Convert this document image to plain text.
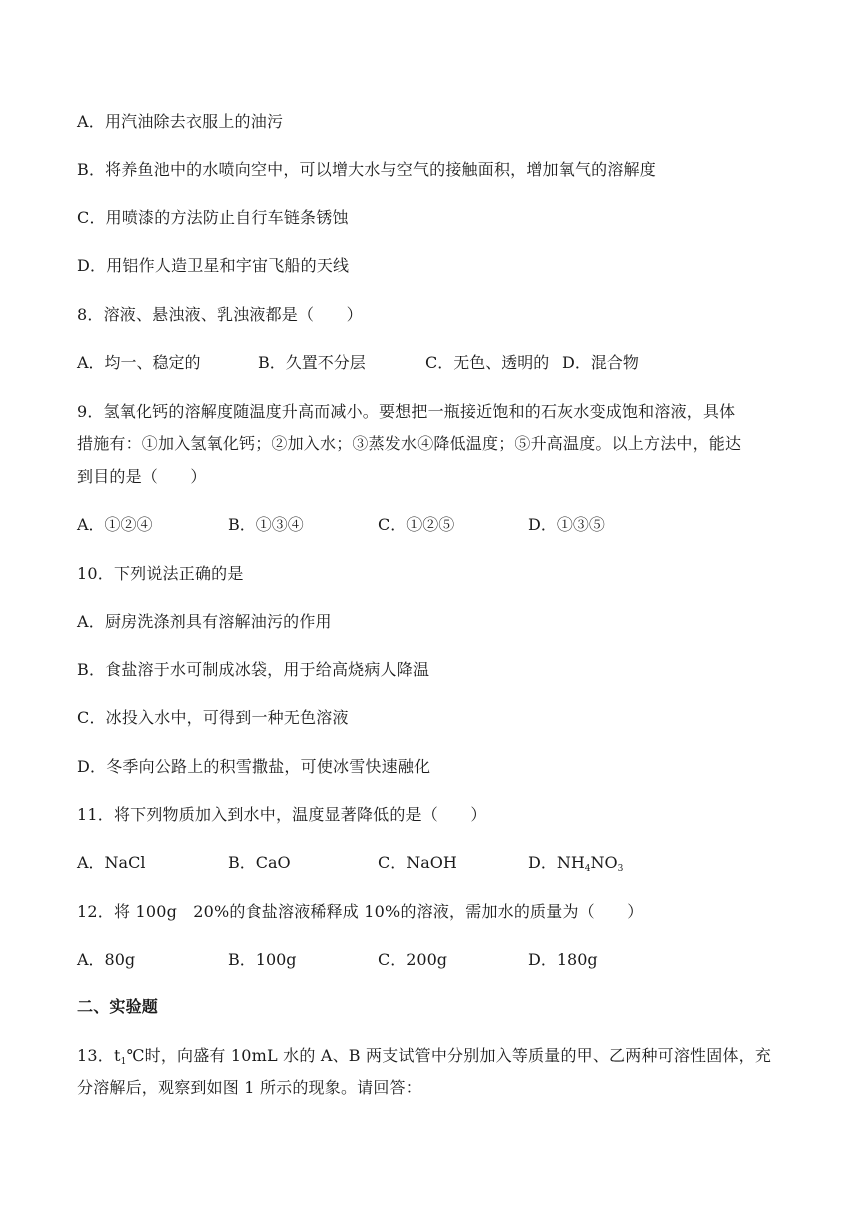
A．用汽油除去衣服上的油污
B．将养鱼池中的水喷向空中，可以增大水与空气的接触面积，增加氧气的溶解度
C．用喷漆的方法防止自行车链条锈蚀
D．用铝作人造卫星和宇宙飞船的天线
8．溶液、悬浊液、乳浊液都是（　　）
A．均一、稳定的	B．久置不分层	C．无色、透明的 D．混合物
9．氢氧化钙的溶解度随温度升高而减小。要想把一瓶接近饱和的石灰水变成饱和溶液，具体
措施有：①加入氢氧化钙；②加入水；③蒸发水④降低温度；⑤升高温度。以上方法中，能达
到目的是（　　）
A．①②④	B．①③④	C．①②⑤	D．①③⑤
10．下列说法正确的是
A．厨房洗涤剂具有溶解油污的作用
B．食盐溶于水可制成冰袋，用于给高烧病人降温
C．冰投入水中，可得到一种无色溶液
D．冬季向公路上的积雪撒盐，可使冰雪快速融化
11．将下列物质加入到水中，温度显著降低的是（　　）
A．NaCl	B．CaO	C．NaOH	D．$NH_4NO_3$
12．将 100g　20%的食盐溶液稀释成 10%的溶液，需加水的质量为（　　）
A．80g	B．100g	C．200g	D．180g
二、实验题
13．$t_1℃$时，向盛有 10mL 水的 A、B 两支试管中分别加入等质量的甲、乙两种可溶性固体，充
分溶解后，观察到如图 1 所示的现象。请回答：
